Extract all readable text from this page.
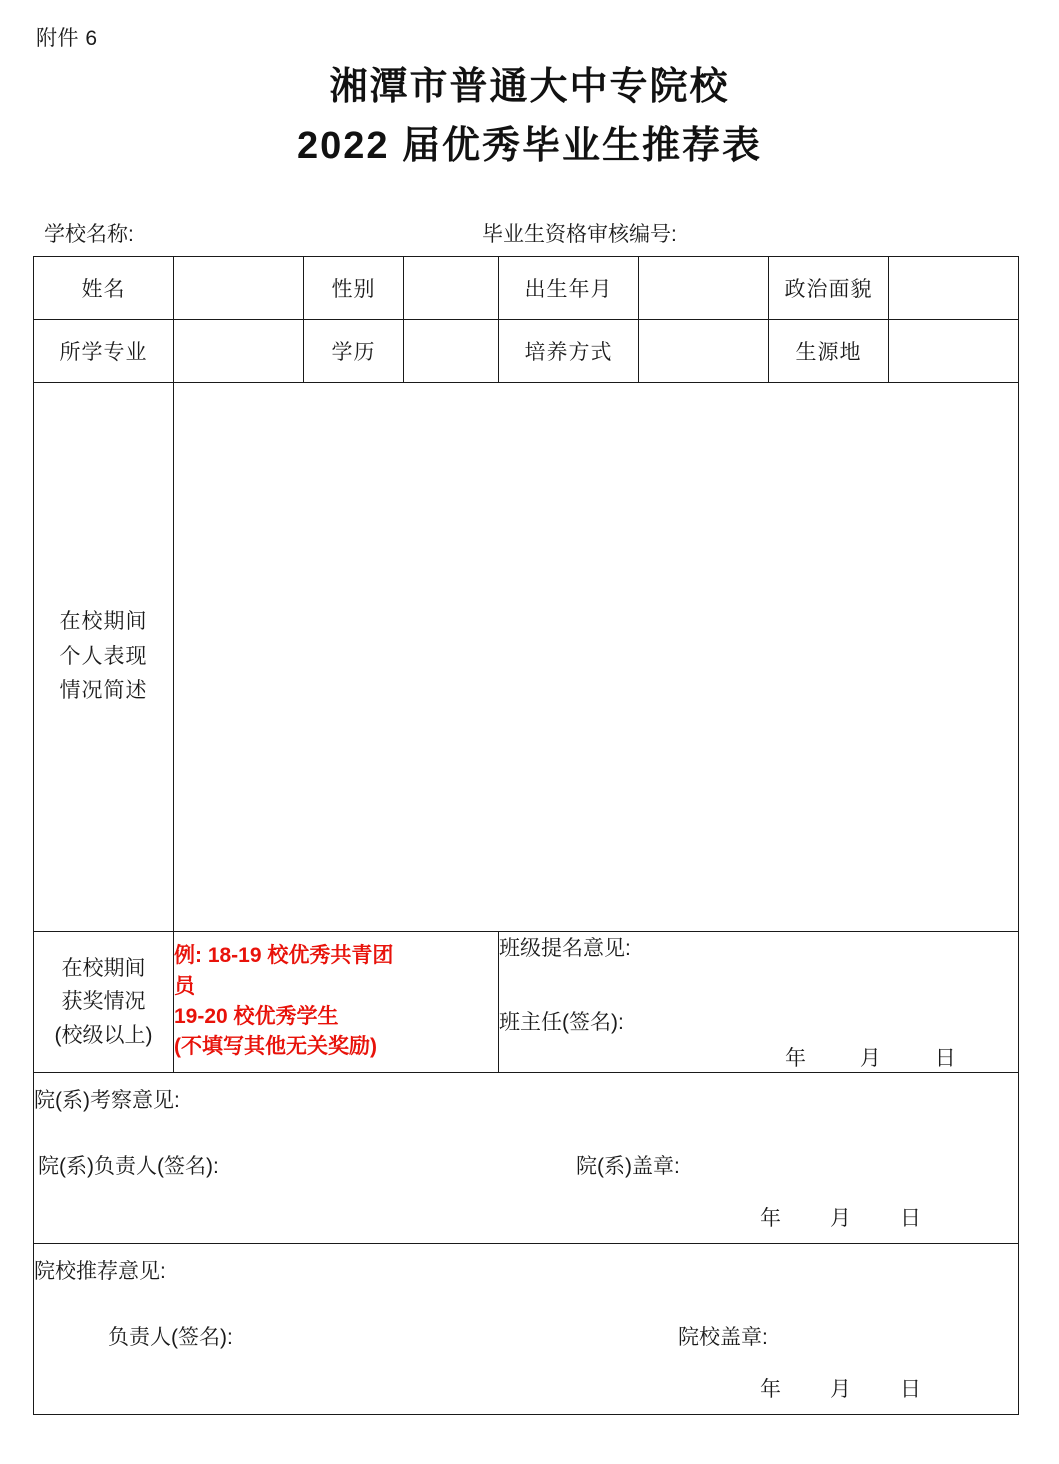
附件 6
湘潭市普通大中专院校
2022 届优秀毕业生推荐表
学校名称:	毕业生资格审核编号:
姓名		性别		出生年月		政治面貌	
所学专业		学历		培养方式		生源地	

在校期间
个人表现
情况简述							

在校期间
获奖情况
(校级以上)

例: 18-19 校优秀共青团
员
19-20 校优秀学生
(不填写其他无关奖励)

班级提名意见:
班主任(签名):
年	月	日

院(系)考察意见:
院(系)负责人(签名):	院(系)盖章:
年 月 日

院校推荐意见:
负责人(签名):	院校盖章:
年 月 日
